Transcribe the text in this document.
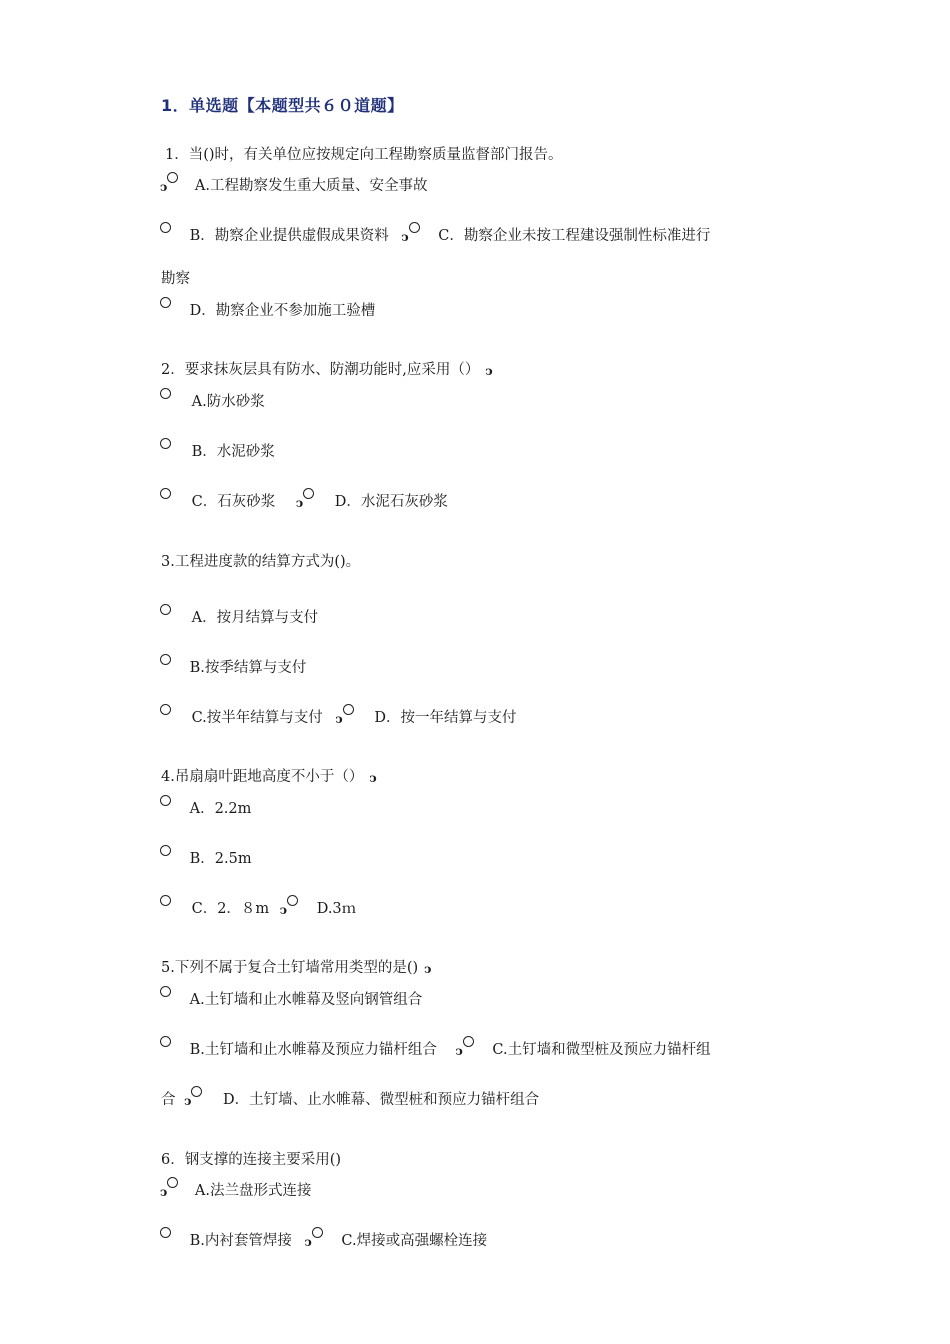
1．单选题【本题型共６０道题】
1．当()时，有关单位应按规定向工程勘察质量监督部门报告。
ↄ A.工程勘察发生重大质量、安全事故
B．勘察企业提供虚假成果资料 ↄ C．勘察企业未按工程建设强制性标准进行
勘察
D．勘察企业不参加施工验槽
2．要求抹灰层具有防水、防潮功能时,应采用（） ↄ
A.防水砂浆
B．水泥砂浆
C．石灰砂浆 ↄ D．水泥石灰砂浆
3.工程进度款的结算方式为()。
A．按月结算与支付
B.按季结算与支付
C.按半年结算与支付 ↄ D．按一年结算与支付
4.吊扇扇叶距地高度不小于（） ↄ
A．2.2m
B．2.5m
C．2．８m ↄ D.3ｍ
5.下列不属于复合土钉墙常用类型的是() ↄ
A.土钉墙和止水帷幕及竖向钢管组合
B.土钉墙和止水帷幕及预应力锚杆组合 ↄ C.土钉墙和微型桩及预应力锚杆组
合 ↄ D．土钉墙、止水帷幕、微型桩和预应力锚杆组合
6．钢支撑的连接主要采用()
ↄ A.法兰盘形式连接
B.内衬套管焊接 ↄ C.焊接或高强螺栓连接
